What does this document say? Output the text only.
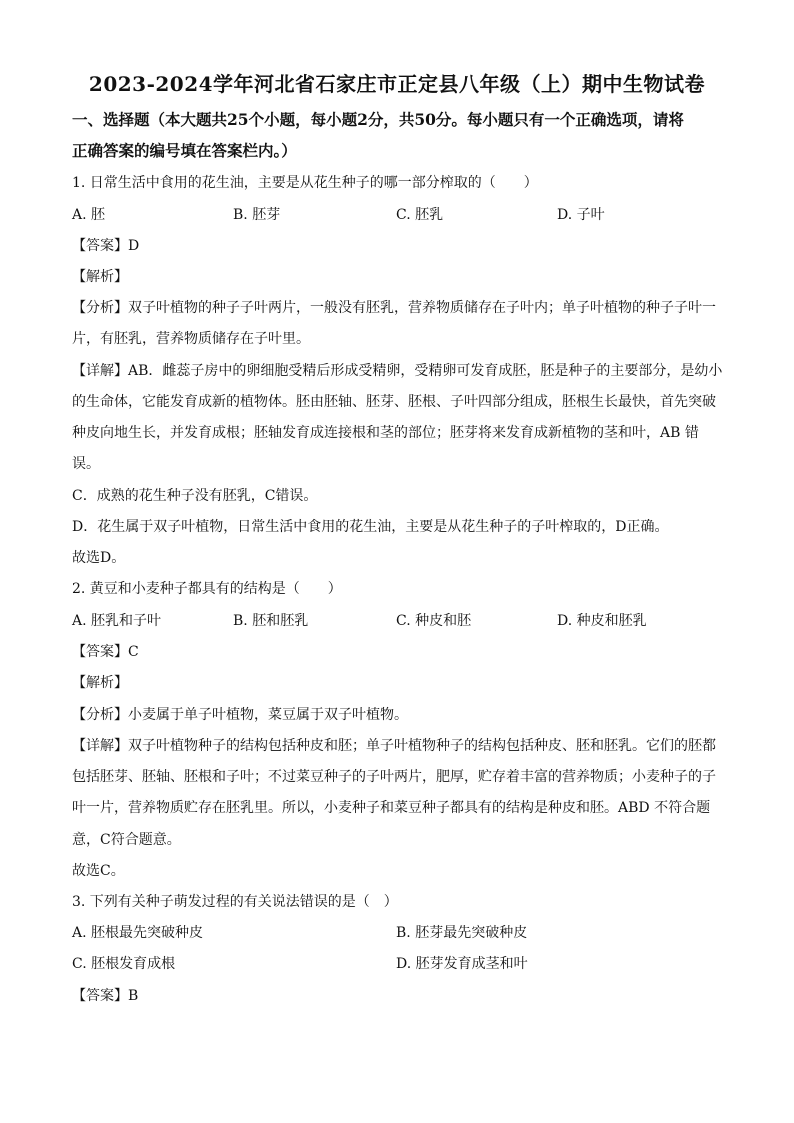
2023-2024学年河北省石家庄市正定县八年级（上）期中生物试卷
一、选择题（本大题共25个小题，每小题2分，共50分。每小题只有一个正确选项，请将
正确答案的编号填在答案栏内。）
1. 日常生活中食用的花生油，主要是从花生种子的哪一部分榨取的（　　）
A. 胚	B. 胚芽	C. 胚乳	D. 子叶
【答案】D
【解析】
【分析】双子叶植物的种子子叶两片，一般没有胚乳，营养物质储存在子叶内；单子叶植物的种子子叶一
片，有胚乳，营养物质储存在子叶里。
【详解】AB．雌蕊子房中的卵细胞受精后形成受精卵，受精卵可发育成胚，胚是种子的主要部分，是幼小
的生命体，它能发育成新的植物体。胚由胚轴、胚芽、胚根、子叶四部分组成，胚根生长最快，首先突破
种皮向地生长，并发育成根；胚轴发育成连接根和茎的部位；胚芽将来发育成新植物的茎和叶，AB 错
误。
C．成熟的花生种子没有胚乳，C错误。
D．花生属于双子叶植物，日常生活中食用的花生油，主要是从花生种子的子叶榨取的，D正确。
故选D。
2. 黄豆和小麦种子都具有的结构是（　　）
A. 胚乳和子叶	B. 胚和胚乳	C. 种皮和胚	D. 种皮和胚乳
【答案】C
【解析】
【分析】小麦属于单子叶植物，菜豆属于双子叶植物。
【详解】双子叶植物种子的结构包括种皮和胚；单子叶植物种子的结构包括种皮、胚和胚乳。它们的胚都
包括胚芽、胚轴、胚根和子叶；不过菜豆种子的子叶两片，肥厚，贮存着丰富的营养物质；小麦种子的子
叶一片，营养物质贮存在胚乳里。所以，小麦种子和菜豆种子都具有的结构是种皮和胚。ABD 不符合题
意，C符合题意。
故选C。
3. 下列有关种子萌发过程的有关说法错误的是（　）
A. 胚根最先突破种皮	B. 胚芽最先突破种皮
C. 胚根发育成根	D. 胚芽发育成茎和叶
【答案】B
